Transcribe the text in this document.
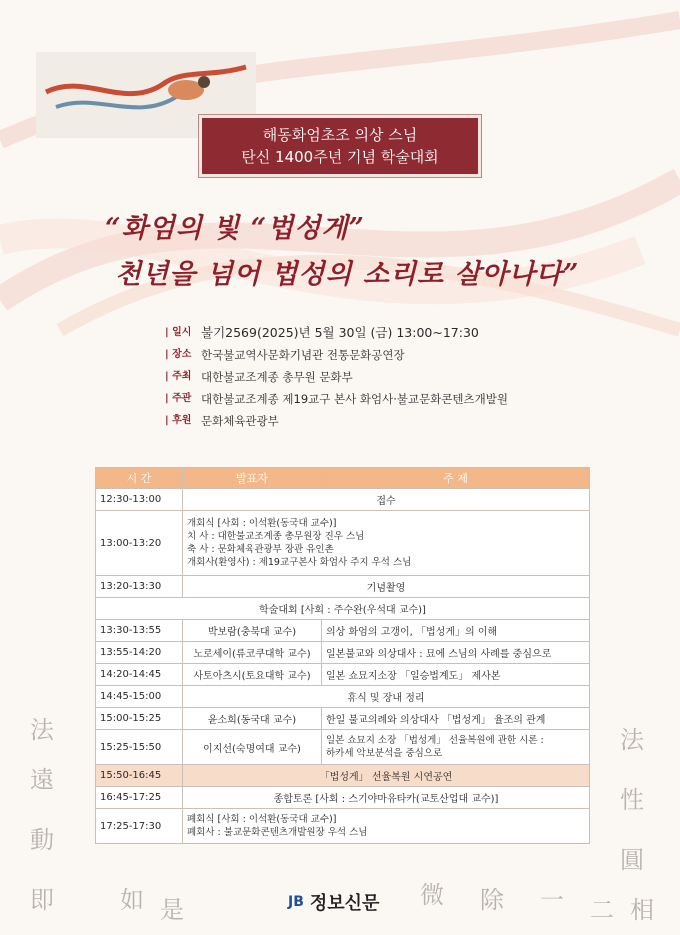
해동화엄초조 의상 스님
탄신 1400주년 기념 학술대회
“화엄의 빛 “법성게”
천년을 넘어 법성의 소리로 살아나다”
| 일시 불기2569(2025)년 5월 30일 (금) 13:00~17:30
| 장소 한국불교역사문화기념관 전통문화공연장
| 주최 대한불교조계종 총무원 문화부
| 주관 대한불교조계종 제19교구 본사 화엄사·불교문화콘텐츠개발원
| 후원 문화체육관광부
시 간	발표자	주 제
12:30-13:00	접수	
13:00-13:20	개회식 [사회 : 이석환(동국대 교수)]
치 사 : 대한불교조계종 총무원장 진우 스님
축 사 : 문화체육관광부 장관 유인촌
개회사(환영사) : 제19교구본사 화엄사 주지 우석 스님	

13:20-13:30	기념촬영	
학술대회 [사회 : 주수완(우석대 교수)]		
13:30-13:55	박보람(충북대 교수)	의상 화엄의 고갱이, 「법성게」의 이해
13:55-14:20	노로세이(류코쿠대학 교수)	일본불교와 의상대사 : 묘에 스님의 사례를 중심으로
14:20-14:45	사토아츠시(토요대학 교수)	일본 쇼묘지소장 「일승법계도」 제사본
14:45-15:00	휴식 및 장내 정리	
15:00-15:25	윤소희(동국대 교수)	한일 불교의례와 의상대사 「법성게」 율조의 관계
15:25-15:50	이지선(숙명여대 교수)	일본 쇼묘지 소장 「법성게」 선율복원에 관한 시론 :
하카세 악보분석을 중심으로

15:50-16:45	「법성게」 선율복원 시연공연	
16:45-17:25	종합토론 [사회 : 스기야마유타카(교토산업대 교수)]	
17:25-17:30	폐회식 [사회 : 이석환(동국대 교수)]
폐회사 : 불교문화콘텐츠개발원장 우석 스님	
法
遠
動
即
法
性
圓
相
二
如 是
微 除 一
JB 정보신문
